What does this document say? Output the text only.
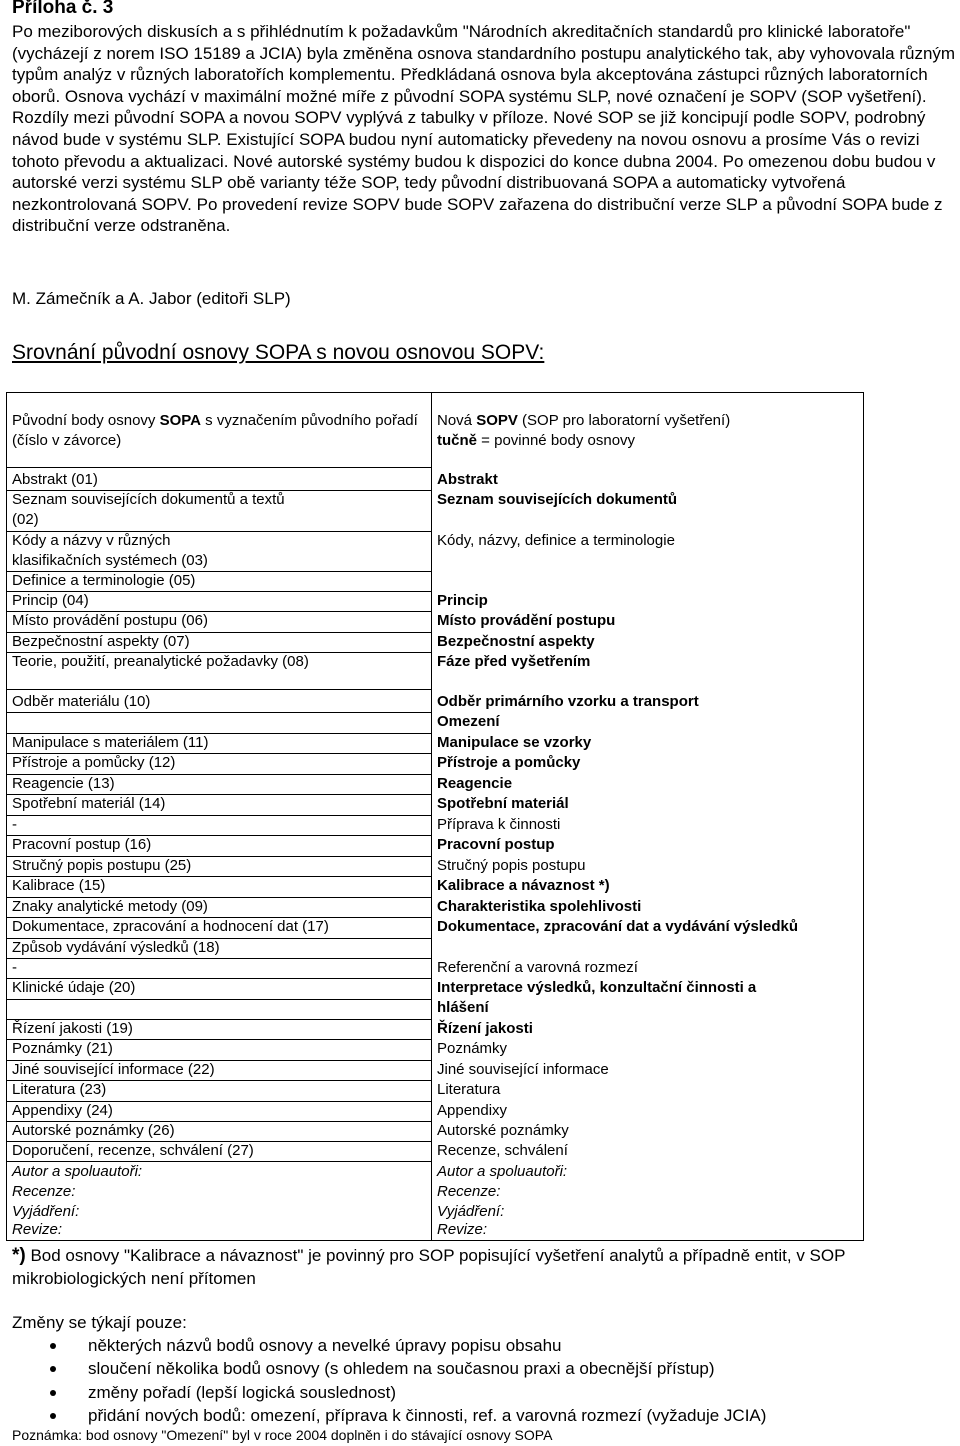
Příloha č. 3
Po meziborových diskusích a s přihlédnutím k požadavkům "Národních akreditačních standardů pro klinické laboratoře" (vycházejí z norem ISO 15189 a JCIA) byla změněna osnova standardního postupu analytického tak, aby vyhovovala různým typům analýz v různých laboratořích komplementu. Předkládaná osnova byla akceptována zástupci různých laboratorních oborů. Osnova vychází v maximální možné míře z původní SOPA systému SLP, nové označení je SOPV (SOP vyšetření). Rozdíly mezi původní SOPA a novou SOPV vyplývá z tabulky v příloze. Nové SOP se již koncipují podle SOPV, podrobný návod bude v systému SLP. Existující SOPA budou nyní automaticky převedeny na novou osnovu a prosíme Vás o revizi tohoto převodu a aktualizaci. Nové autorské systémy budou k dispozici do konce dubna 2004. Po omezenou dobu budou v autorské verzi systému SLP obě varianty téže SOP, tedy původní distribuovaná SOPA a automaticky vytvořená nezkontrolovaná SOPV. Po provedení revize SOPV bude SOPV zařazena do distribuční verze SLP a původní SOPA bude z distribuční verze odstraněna.
M. Zámečník a A. Jabor (editoři SLP)
Srovnání původní osnovy SOPA s novou osnovou SOPV:
Původní body osnovy SOPA s vyznačením původního pořadí (číslo v závorce)
Nová SOPV (SOP pro laboratorní vyšetření)
tučně = povinné body osnovy
Abstrakt (01)
Seznam souvisejících dokumentů a textů (02)
Kódy a názvy v různých klasifikačních systémech (03)
Definice a terminologie (05)
Princip (04)
Místo provádění postupu (06)
Bezpečnostní aspekty (07)
Teorie, použití, preanalytické požadavky (08)
Odběr materiálu (10)
Manipulace s materiálem (11)
Přístroje a pomůcky (12)
Reagencie (13)
Spotřební materiál (14)
-
Pracovní postup (16)
Stručný popis postupu (25)
Kalibrace (15)
Znaky analytické metody (09)
Dokumentace, zpracování a hodnocení dat (17)
Způsob vydávání výsledků (18)
-
Klinické údaje (20)
Řízení jakosti (19)
Poznámky (21)
Jiné související informace (22)
Literatura (23)
Appendixy (24)
Autorské poznámky (26)
Doporučení, recenze, schválení (27)
Autor a spoluautoři:
Recenze:
Vyjádření:
Revize:
Abstrakt
Seznam souvisejících dokumentů
Kódy, názvy, definice a terminologie
Princip
Místo provádění postupu
Bezpečnostní aspekty
Fáze před vyšetřením
Odběr primárního vzorku a transport
Omezení
Manipulace se vzorky
Přístroje a pomůcky
Reagencie
Spotřební materiál
Příprava k činnosti
Pracovní postup
Stručný popis postupu
Kalibrace a návaznost *)
Charakteristika spolehlivosti
Dokumentace, zpracování dat a vydávání výsledků
Referenční a varovná rozmezí
Interpretace výsledků, konzultační činnosti a hlášení
Řízení jakosti
Poznámky
Jiné související informace
Literatura
Appendixy
Autorské poznámky
Recenze, schválení
Autor a spoluautoři:
Recenze:
Vyjádření:
Revize:
*) Bod osnovy "Kalibrace a návaznost" je povinný pro SOP popisující vyšetření analytů a případně entit, v SOP mikrobiologických není přítomen
Změny se týkají pouze:
některých názvů bodů osnovy a nevelké úpravy popisu obsahu
sloučení několika bodů osnovy (s ohledem na současnou praxi a obecnější přístup)
změny pořadí (lepší logická souslednost)
přidání nových bodů: omezení, příprava k činnosti, ref. a varovná rozmezí (vyžaduje JCIA)
Poznámka: bod osnovy "Omezení" byl v roce 2004 doplněn i do stávající osnovy SOPA
